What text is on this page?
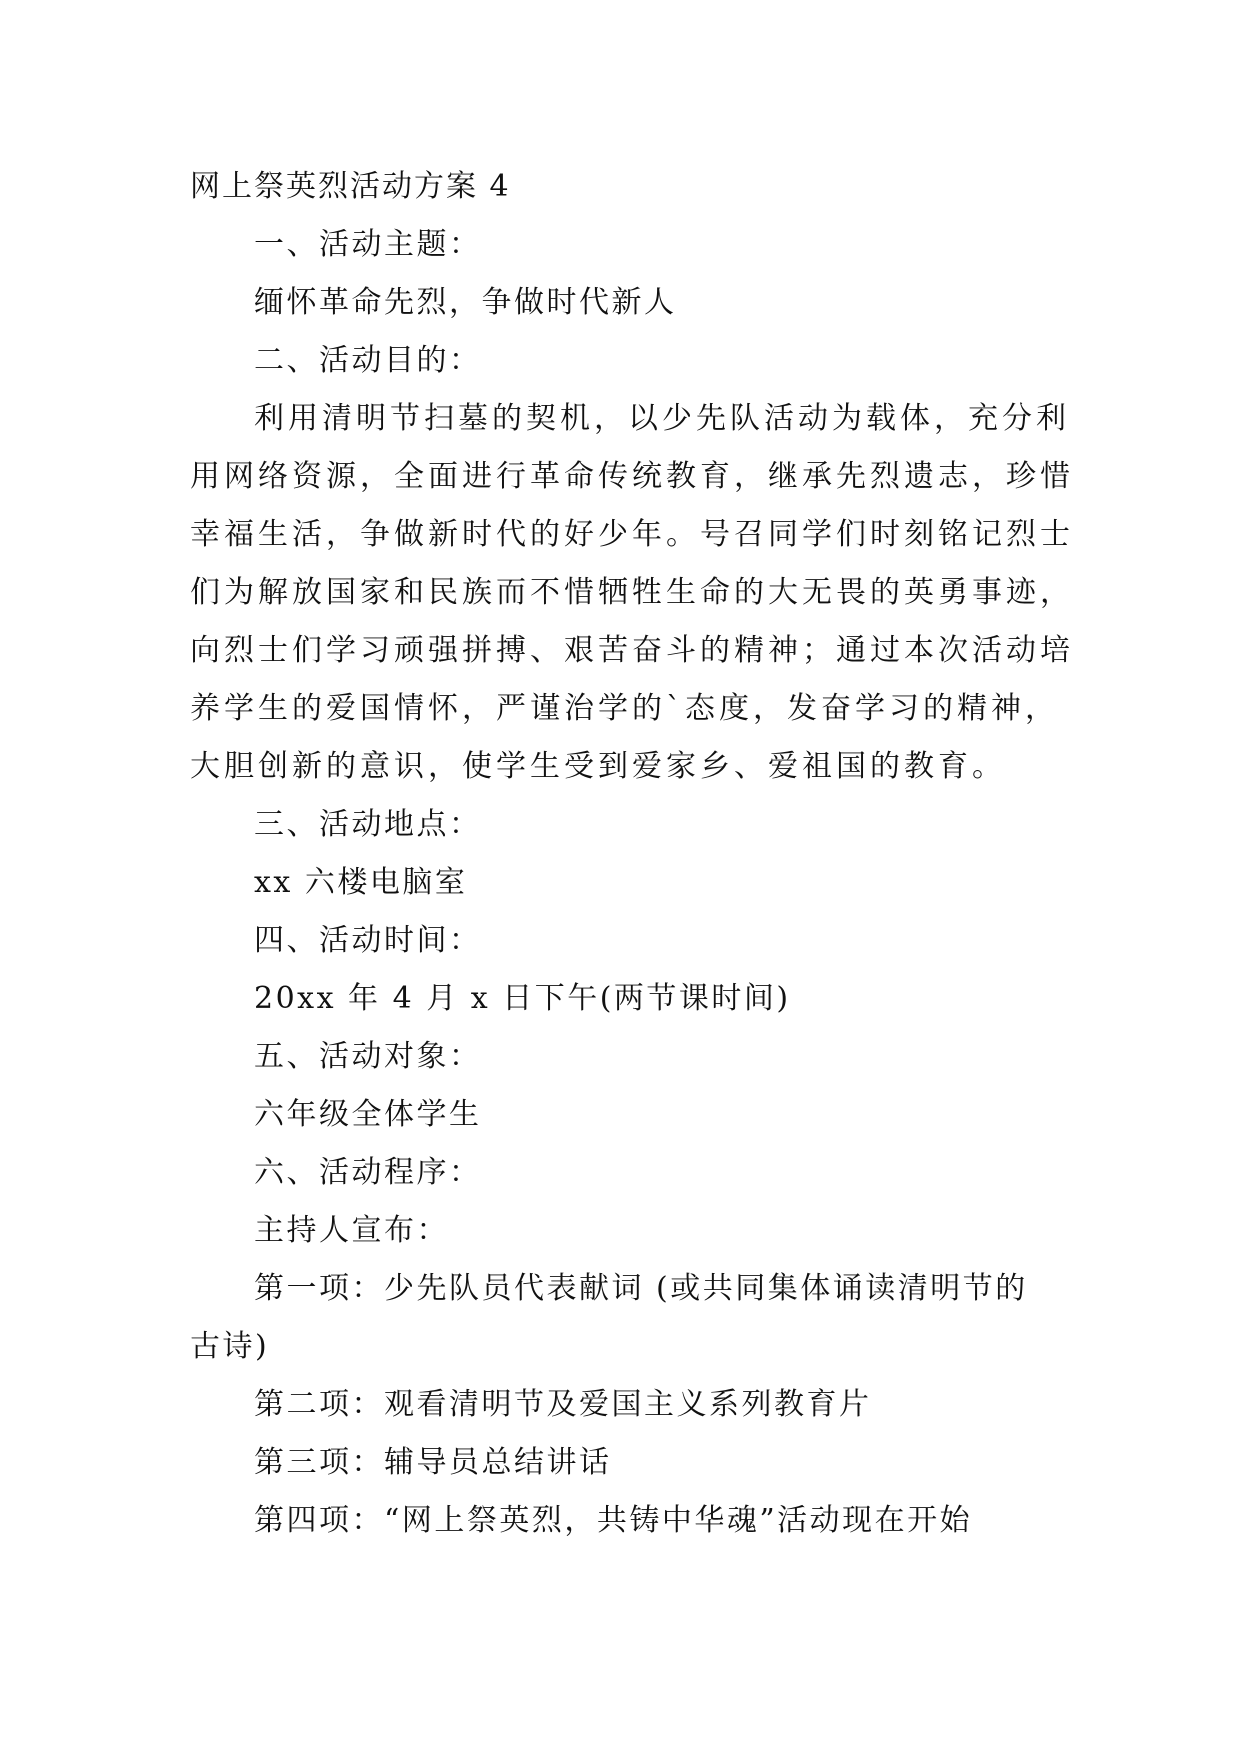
网上祭英烈活动方案 4
一、活动主题：
缅怀革命先烈，争做时代新人
二、活动目的：
利用清明节扫墓的契机，以少先队活动为载体，充分利
用网络资源，全面进行革命传统教育，继承先烈遗志，珍惜
幸福生活，争做新时代的好少年。号召同学们时刻铭记烈士
们为解放国家和民族而不惜牺牲生命的大无畏的英勇事迹，
向烈士们学习顽强拼搏、艰苦奋斗的精神；通过本次活动培
养学生的爱国情怀，严谨治学的`态度，发奋学习的精神，
大胆创新的意识，使学生受到爱家乡、爱祖国的教育。
三、活动地点：
xx 六楼电脑室
四、活动时间：
20xx 年 4 月 x 日下午(两节课时间)
五、活动对象：
六年级全体学生
六、活动程序：
主持人宣布：
第一项：少先队员代表献词 (或共同集体诵读清明节的
古诗)
第二项：观看清明节及爱国主义系列教育片
第三项：辅导员总结讲话
第四项：“网上祭英烈，共铸中华魂”活动现在开始
